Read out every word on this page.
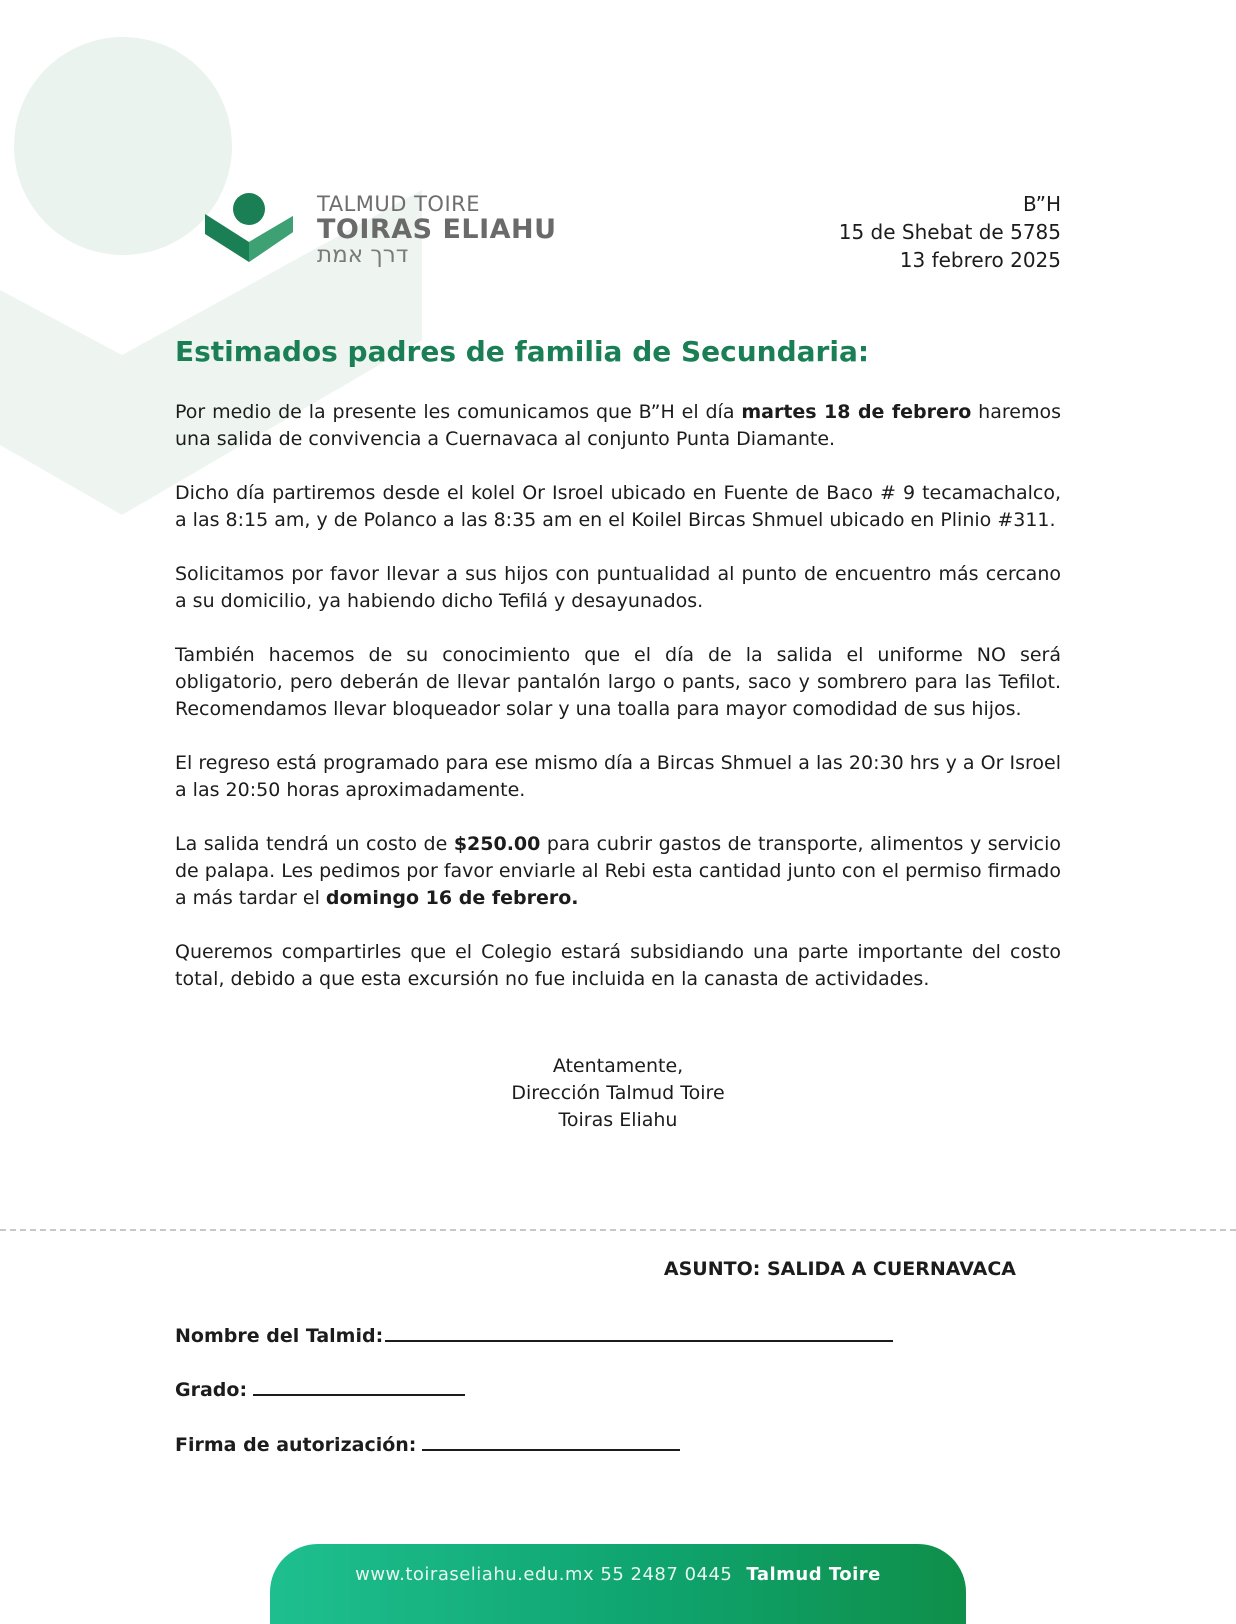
TALMUD TOIRE
TOIRAS ELIAHU
דרך אמת
B”H
15 de Shebat de 5785
13 febrero 2025
Estimados padres de familia de Secundaria:

Por medio de la presente les comunicamos que B”H el día martes 18 de febrero haremos una salida de convivencia a Cuernavaca al conjunto Punta Diamante.

Dicho día partiremos desde el kolel Or Isroel ubicado en Fuente de Baco # 9 tecamachalco, a las 8:15 am, y de Polanco a las 8:35 am en el Koilel Bircas Shmuel ubicado en Plinio #311.

Solicitamos por favor llevar a sus hijos con puntualidad al punto de encuentro más cercano a su domicilio, ya habiendo dicho Tefilá y desayunados.

También hacemos de su conocimiento que el día de la salida el uniforme NO será obligatorio, pero deberán de llevar pantalón largo o pants, saco y sombrero para las Tefilot. Recomendamos llevar bloqueador solar y una toalla para mayor comodidad de sus hijos.

El regreso está programado para ese mismo día a Bircas Shmuel a las 20:30 hrs y a Or Isroel a las 20:50 horas aproximadamente.

La salida tendrá un costo de $250.00 para cubrir gastos de transporte, alimentos y servicio de palapa. Les pedimos por favor enviarle al Rebi esta cantidad junto con el permiso firmado a más tardar el domingo 16 de febrero.

Queremos compartirles que el Colegio estará subsidiando una parte importante del costo total, debido a que esta excursión no fue incluida en la canasta de actividades.

Atentamente,
Dirección Talmud Toire
Toiras Eliahu
ASUNTO: SALIDA A CUERNAVACA
Nombre del Talmid:
Grado:
Firma de autorización:
www.toiraseliahu.edu.mx 55 2487 0445 Talmud Toire
